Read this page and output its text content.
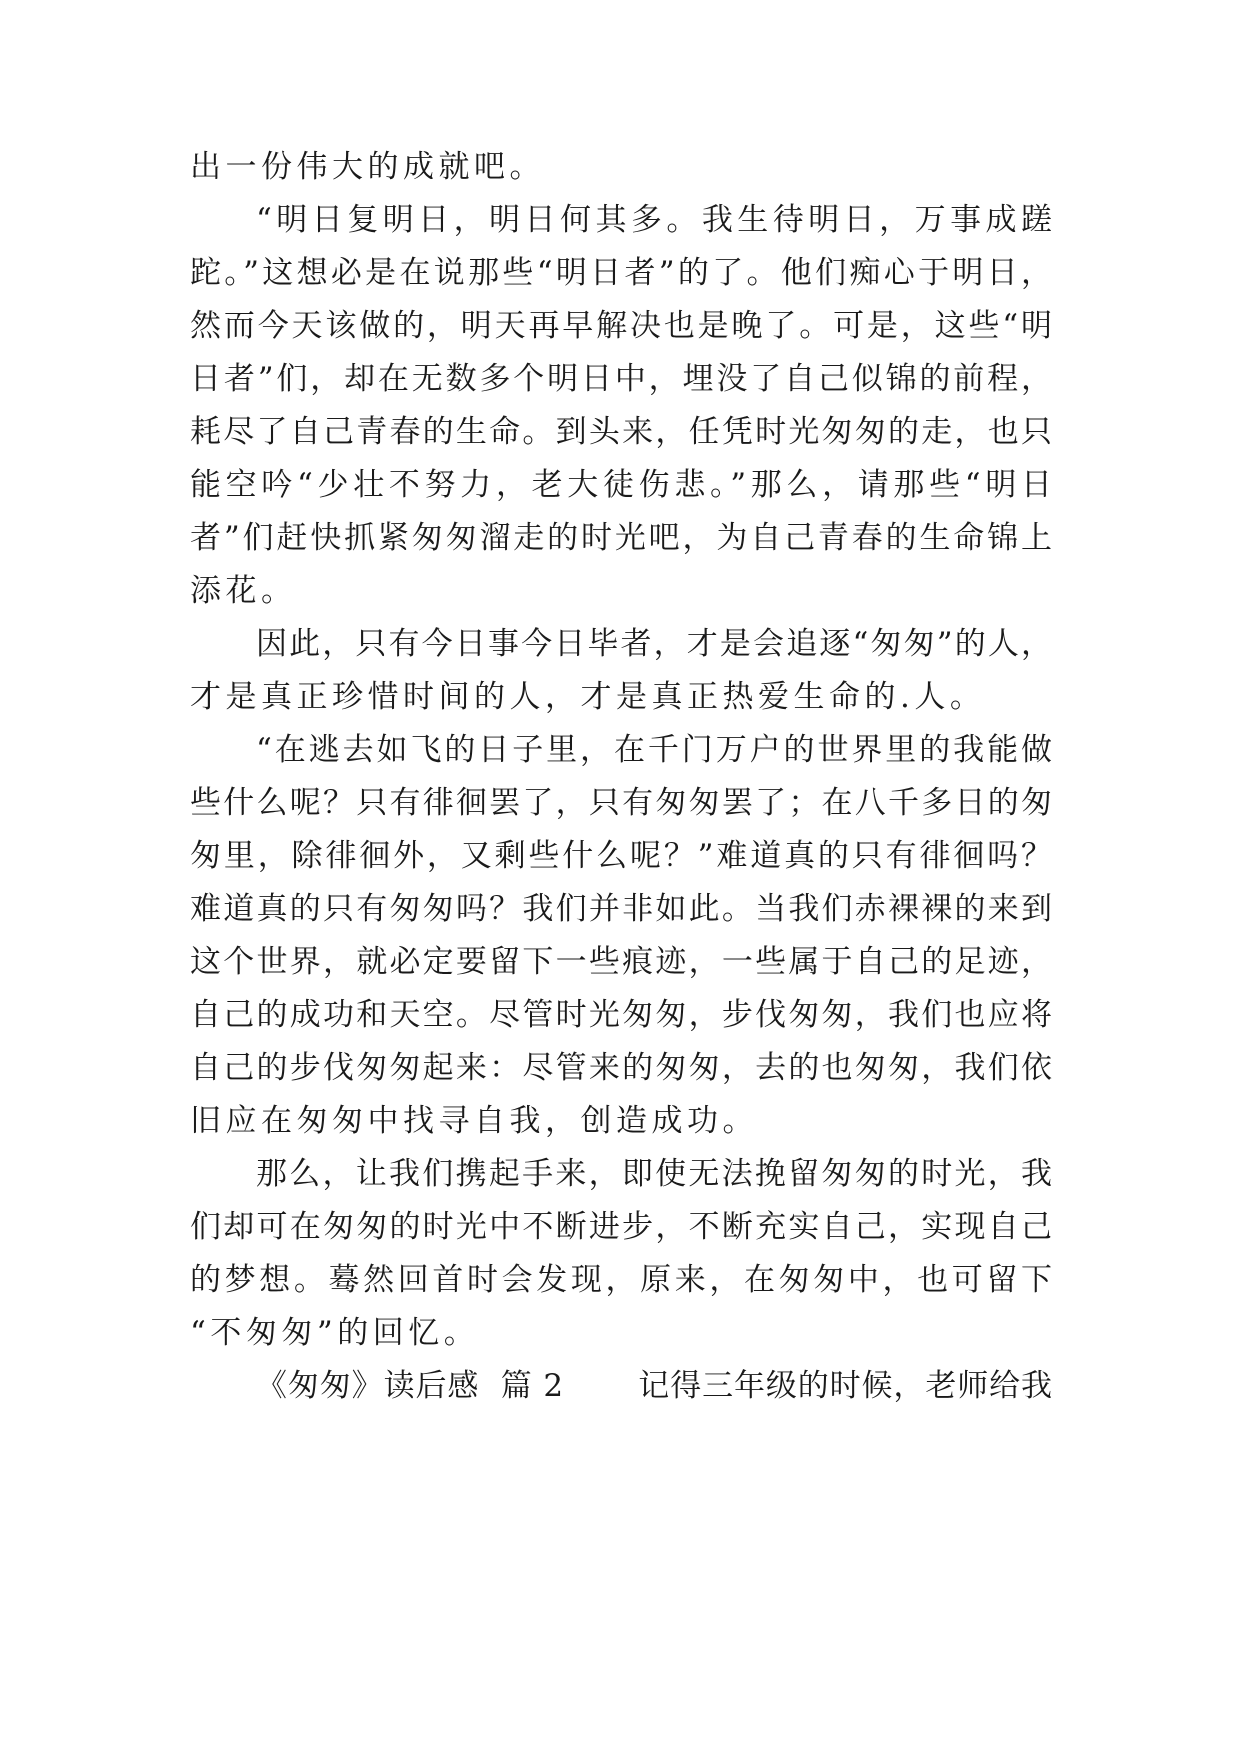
出一份伟大的成就吧。
“明日复明日，明日何其多。我生待明日，万事成蹉
跎。”这想必是在说那些“明日者”的了。他们痴心于明日，
然而今天该做的，明天再早解决也是晚了。可是，这些“明
日者”们，却在无数多个明日中，埋没了自己似锦的前程，
耗尽了自己青春的生命。到头来，任凭时光匆匆的走，也只
能空吟“少壮不努力，老大徒伤悲。”那么，请那些“明日
者”们赶快抓紧匆匆溜走的时光吧，为自己青春的生命锦上
添花。
因此，只有今日事今日毕者，才是会追逐“匆匆”的人，
才是真正珍惜时间的人，才是真正热爱生命的.人。
“在逃去如飞的日子里，在千门万户的世界里的我能做
些什么呢？只有徘徊罢了，只有匆匆罢了；在八千多日的匆
匆里，除徘徊外，又剩些什么呢？”难道真的只有徘徊吗？
难道真的只有匆匆吗？我们并非如此。当我们赤裸裸的来到
这个世界，就必定要留下一些痕迹，一些属于自己的足迹，
自己的成功和天空。尽管时光匆匆，步伐匆匆，我们也应将
自己的步伐匆匆起来：尽管来的匆匆，去的也匆匆，我们依
旧应在匆匆中找寻自我，创造成功。
那么，让我们携起手来，即使无法挽留匆匆的时光，我
们却可在匆匆的时光中不断进步，不断充实自己，实现自己
的梦想。蓦然回首时会发现，原来，在匆匆中，也可留下
“不匆匆”的回忆。
《匆匆》读后感  篇 2       记得三年级的时候，老师给我
